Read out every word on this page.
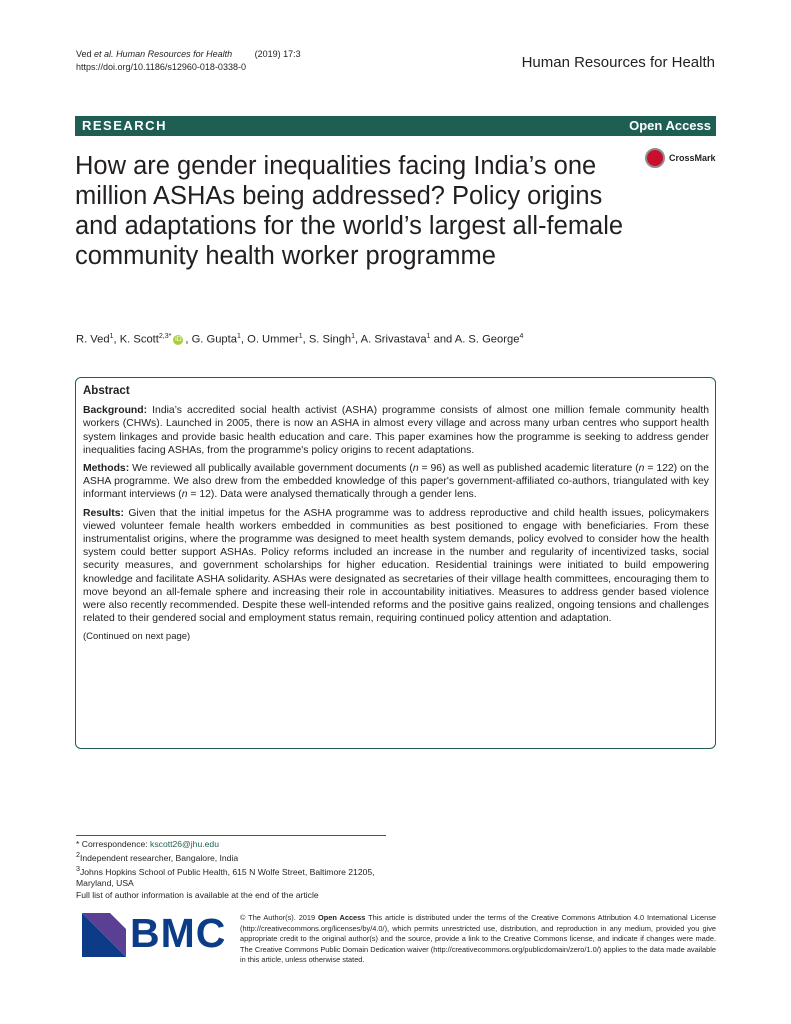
Ved et al. Human Resources for Health	(2019) 17:3
https://doi.org/10.1186/s12960-018-0338-0	Human Resources for Health
RESEARCH	Open Access
CrossMark
How are gender inequalities facing India’s one million ASHAs being addressed? Policy origins and adaptations for the world’s largest all-female community health worker programme
R. Ved$^1$, K. Scott$^{2,3*}$ iD , G. Gupta$^1$, O. Ummer$^1$, S. Singh$^1$, A. Srivastava$^1$ and A. S. George$^4$
Abstract

Background: India’s accredited social health activist (ASHA) programme consists of almost one million female community health workers (CHWs). Launched in 2005, there is now an ASHA in almost every village and across many urban centres who support health system linkages and provide basic health education and care. This paper examines how the programme is seeking to address gender inequalities facing ASHAs, from the programme's policy origins to recent adaptations.

Methods: We reviewed all publically available government documents (n = 96) as well as published academic literature (n = 122) on the ASHA programme. We also drew from the embedded knowledge of this paper's government-affiliated co-authors, triangulated with key informant interviews (n = 12). Data were analysed thematically through a gender lens.

Results: Given that the initial impetus for the ASHA programme was to address reproductive and child health issues, policymakers viewed volunteer female health workers embedded in communities as best positioned to engage with beneficiaries. From these instrumentalist origins, where the programme was designed to meet health system demands, policy evolved to consider how the health system could better support ASHAs. Policy reforms included an increase in the number and regularity of incentivized tasks, social security measures, and government scholarships for higher education. Residential trainings were initiated to build empowering knowledge and facilitate ASHA solidarity. ASHAs were designated as secretaries of their village health committees, encouraging them to move beyond an all-female sphere and increasing their role in accountability initiatives. Measures to address gender based violence were also recently recommended. Despite these well-intended reforms and the positive gains realized, ongoing tensions and challenges related to their gendered social and employment status remain, requiring continued policy attention and adaptation.

(Continued on next page)
* Correspondence: kscott26@jhu.edu
$^2$Independent researcher, Bangalore, India
$^3$Johns Hopkins School of Public Health, 615 N Wolfe Street, Baltimore 21205,
Maryland, USA
Full list of author information is available at the end of the article
BMC © The Author(s). 2019 Open Access This article is distributed under the terms of the Creative Commons Attribution 4.0 International License (http://creativecommons.org/licenses/by/4.0/), which permits unrestricted use, distribution, and reproduction in any medium, provided you give appropriate credit to the original author(s) and the source, provide a link to the Creative Commons license, and indicate if changes were made. The Creative Commons Public Domain Dedication waiver (http://creativecommons.org/publicdomain/zero/1.0/) applies to the data made available in this article, unless otherwise stated.
